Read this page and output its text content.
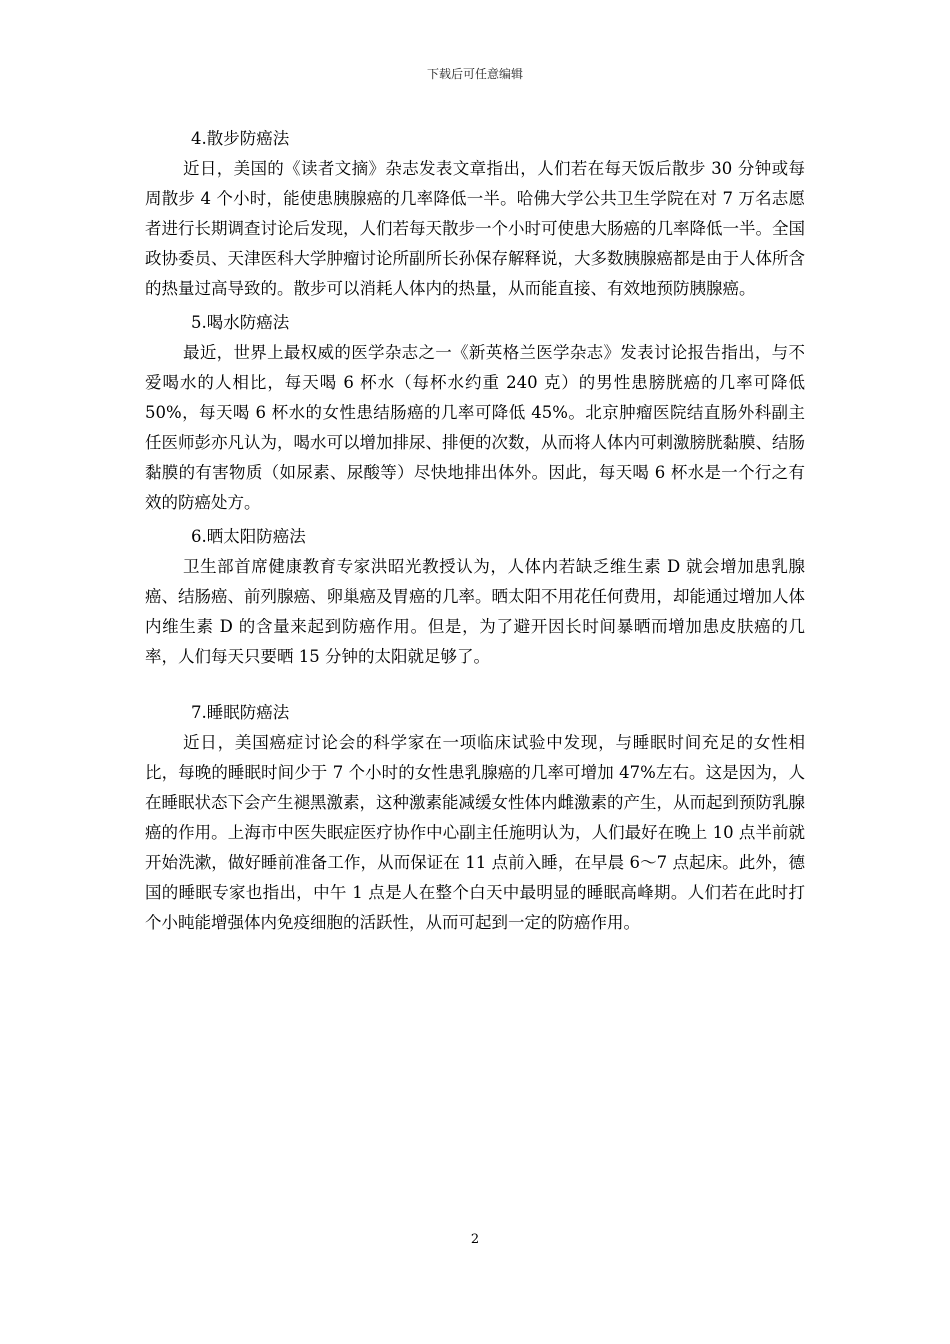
下载后可任意编辑
4.散步防癌法

近日，美国的《读者文摘》杂志发表文章指出，人们若在每天饭后散步 30 分钟或每周散步 4 个小时，能使患胰腺癌的几率降低一半。哈佛大学公共卫生学院在对 7 万名志愿者进行长期调查讨论后发现，人们若每天散步一个小时可使患大肠癌的几率降低一半。全国政协委员、天津医科大学肿瘤讨论所副所长孙保存解释说，大多数胰腺癌都是由于人体所含的热量过高导致的。散步可以消耗人体内的热量，从而能直接、有效地预防胰腺癌。

5.喝水防癌法

最近，世界上最权威的医学杂志之一《新英格兰医学杂志》发表讨论报告指出，与不爱喝水的人相比，每天喝 6 杯水（每杯水约重 240 克）的男性患膀胱癌的几率可降低 50%，每天喝 6 杯水的女性患结肠癌的几率可降低 45%。北京肿瘤医院结直肠外科副主任医师彭亦凡认为，喝水可以增加排尿、排便的次数，从而将人体内可刺激膀胱黏膜、结肠黏膜的有害物质（如尿素、尿酸等）尽快地排出体外。因此，每天喝 6 杯水是一个行之有效的防癌处方。

6.晒太阳防癌法

卫生部首席健康教育专家洪昭光教授认为，人体内若缺乏维生素 D 就会增加患乳腺癌、结肠癌、前列腺癌、卵巢癌及胃癌的几率。晒太阳不用花任何费用，却能通过增加人体内维生素 D 的含量来起到防癌作用。但是，为了避开因长时间暴晒而增加患皮肤癌的几率，人们每天只要晒 15 分钟的太阳就足够了。

7.睡眠防癌法

近日，美国癌症讨论会的科学家在一项临床试验中发现，与睡眠时间充足的女性相比，每晚的睡眠时间少于 7 个小时的女性患乳腺癌的几率可增加 47%左右。这是因为，人在睡眠状态下会产生褪黑激素，这种激素能减缓女性体内雌激素的产生，从而起到预防乳腺癌的作用。上海市中医失眠症医疗协作中心副主任施明认为，人们最好在晚上 10 点半前就开始洗漱，做好睡前准备工作，从而保证在 11 点前入睡，在早晨 6～7 点起床。此外，德国的睡眠专家也指出，中午 1 点是人在整个白天中最明显的睡眠高峰期。人们若在此时打个小盹能增强体内免疫细胞的活跃性，从而可起到一定的防癌作用。

2
